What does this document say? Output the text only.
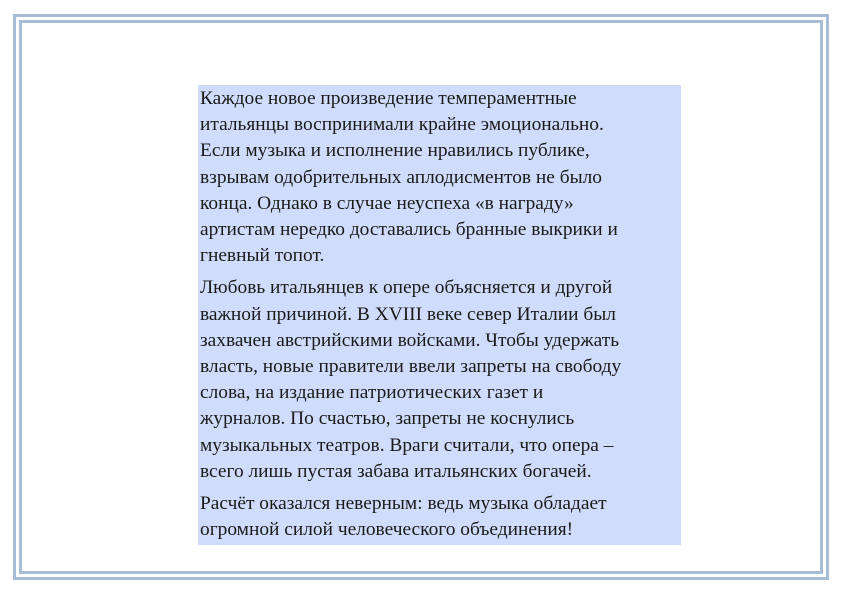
Каждое новое произведение темпераментные
итальянцы воспринимали крайне эмоционально.
Если музыка и исполнение нравились публике,
взрывам одобрительных аплодисментов не было
конца. Однако в случае неуспеха «в награду»
артистам нередко доставались бранные выкрики и
гневный топот.

Любовь итальянцев к опере объясняется и другой
важной причиной. В XVIII веке север Италии был
захвачен австрийскими войсками. Чтобы удержать
власть, новые правители ввели запреты на свободу
слова, на издание патриотических газет и
журналов. По счастью, запреты не коснулись
музыкальных театров. Враги считали, что опера –
всего лишь пустая забава итальянских богачей.

Расчёт оказался неверным: ведь музыка обладает
огромной силой человеческого объединения!
